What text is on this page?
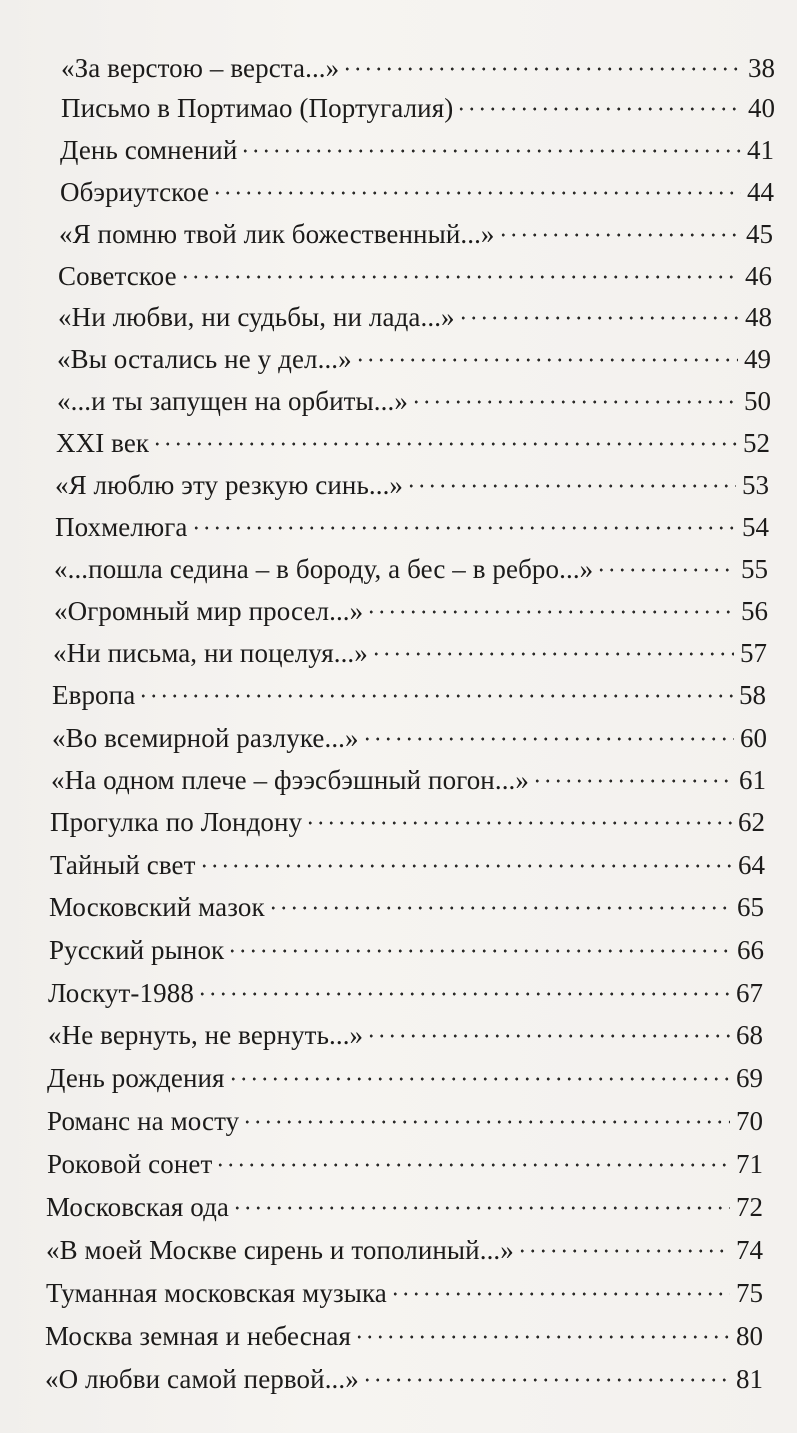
«За верстою – верста...»	38
Письмо в Портимао (Португалия)	40
День сомнений	41
Обэриутское	44
«Я помню твой лик божественный...»	45
Советское	46
«Ни любви, ни судьбы, ни лада...»	48
«Вы остались не у дел...»	49
«...и ты запущен на орбиты...»	50
XXI век	52
«Я люблю эту резкую синь...»	53
Похмелюга	54
«...пошла седина – в бороду, а бес – в ребро...»	55
«Огромный мир просел...»	56
«Ни письма, ни поцелуя...»	57
Европа	58
«Во всемирной разлуке...»	60
«На одном плече – фээсбэшный погон...»	61
Прогулка по Лондону	62
Тайный свет	64
Московский мазок	65
Русский рынок	66
Лоскут-1988	67
«Не вернуть, не вернуть...»	68
День рождения	69
Романс на мосту	70
Роковой сонет	71
Московская ода	72
«В моей Москве сирень и тополиный...»	74
Туманная московская музыка	75
Москва земная и небесная	80
«О любви самой первой...»	81
